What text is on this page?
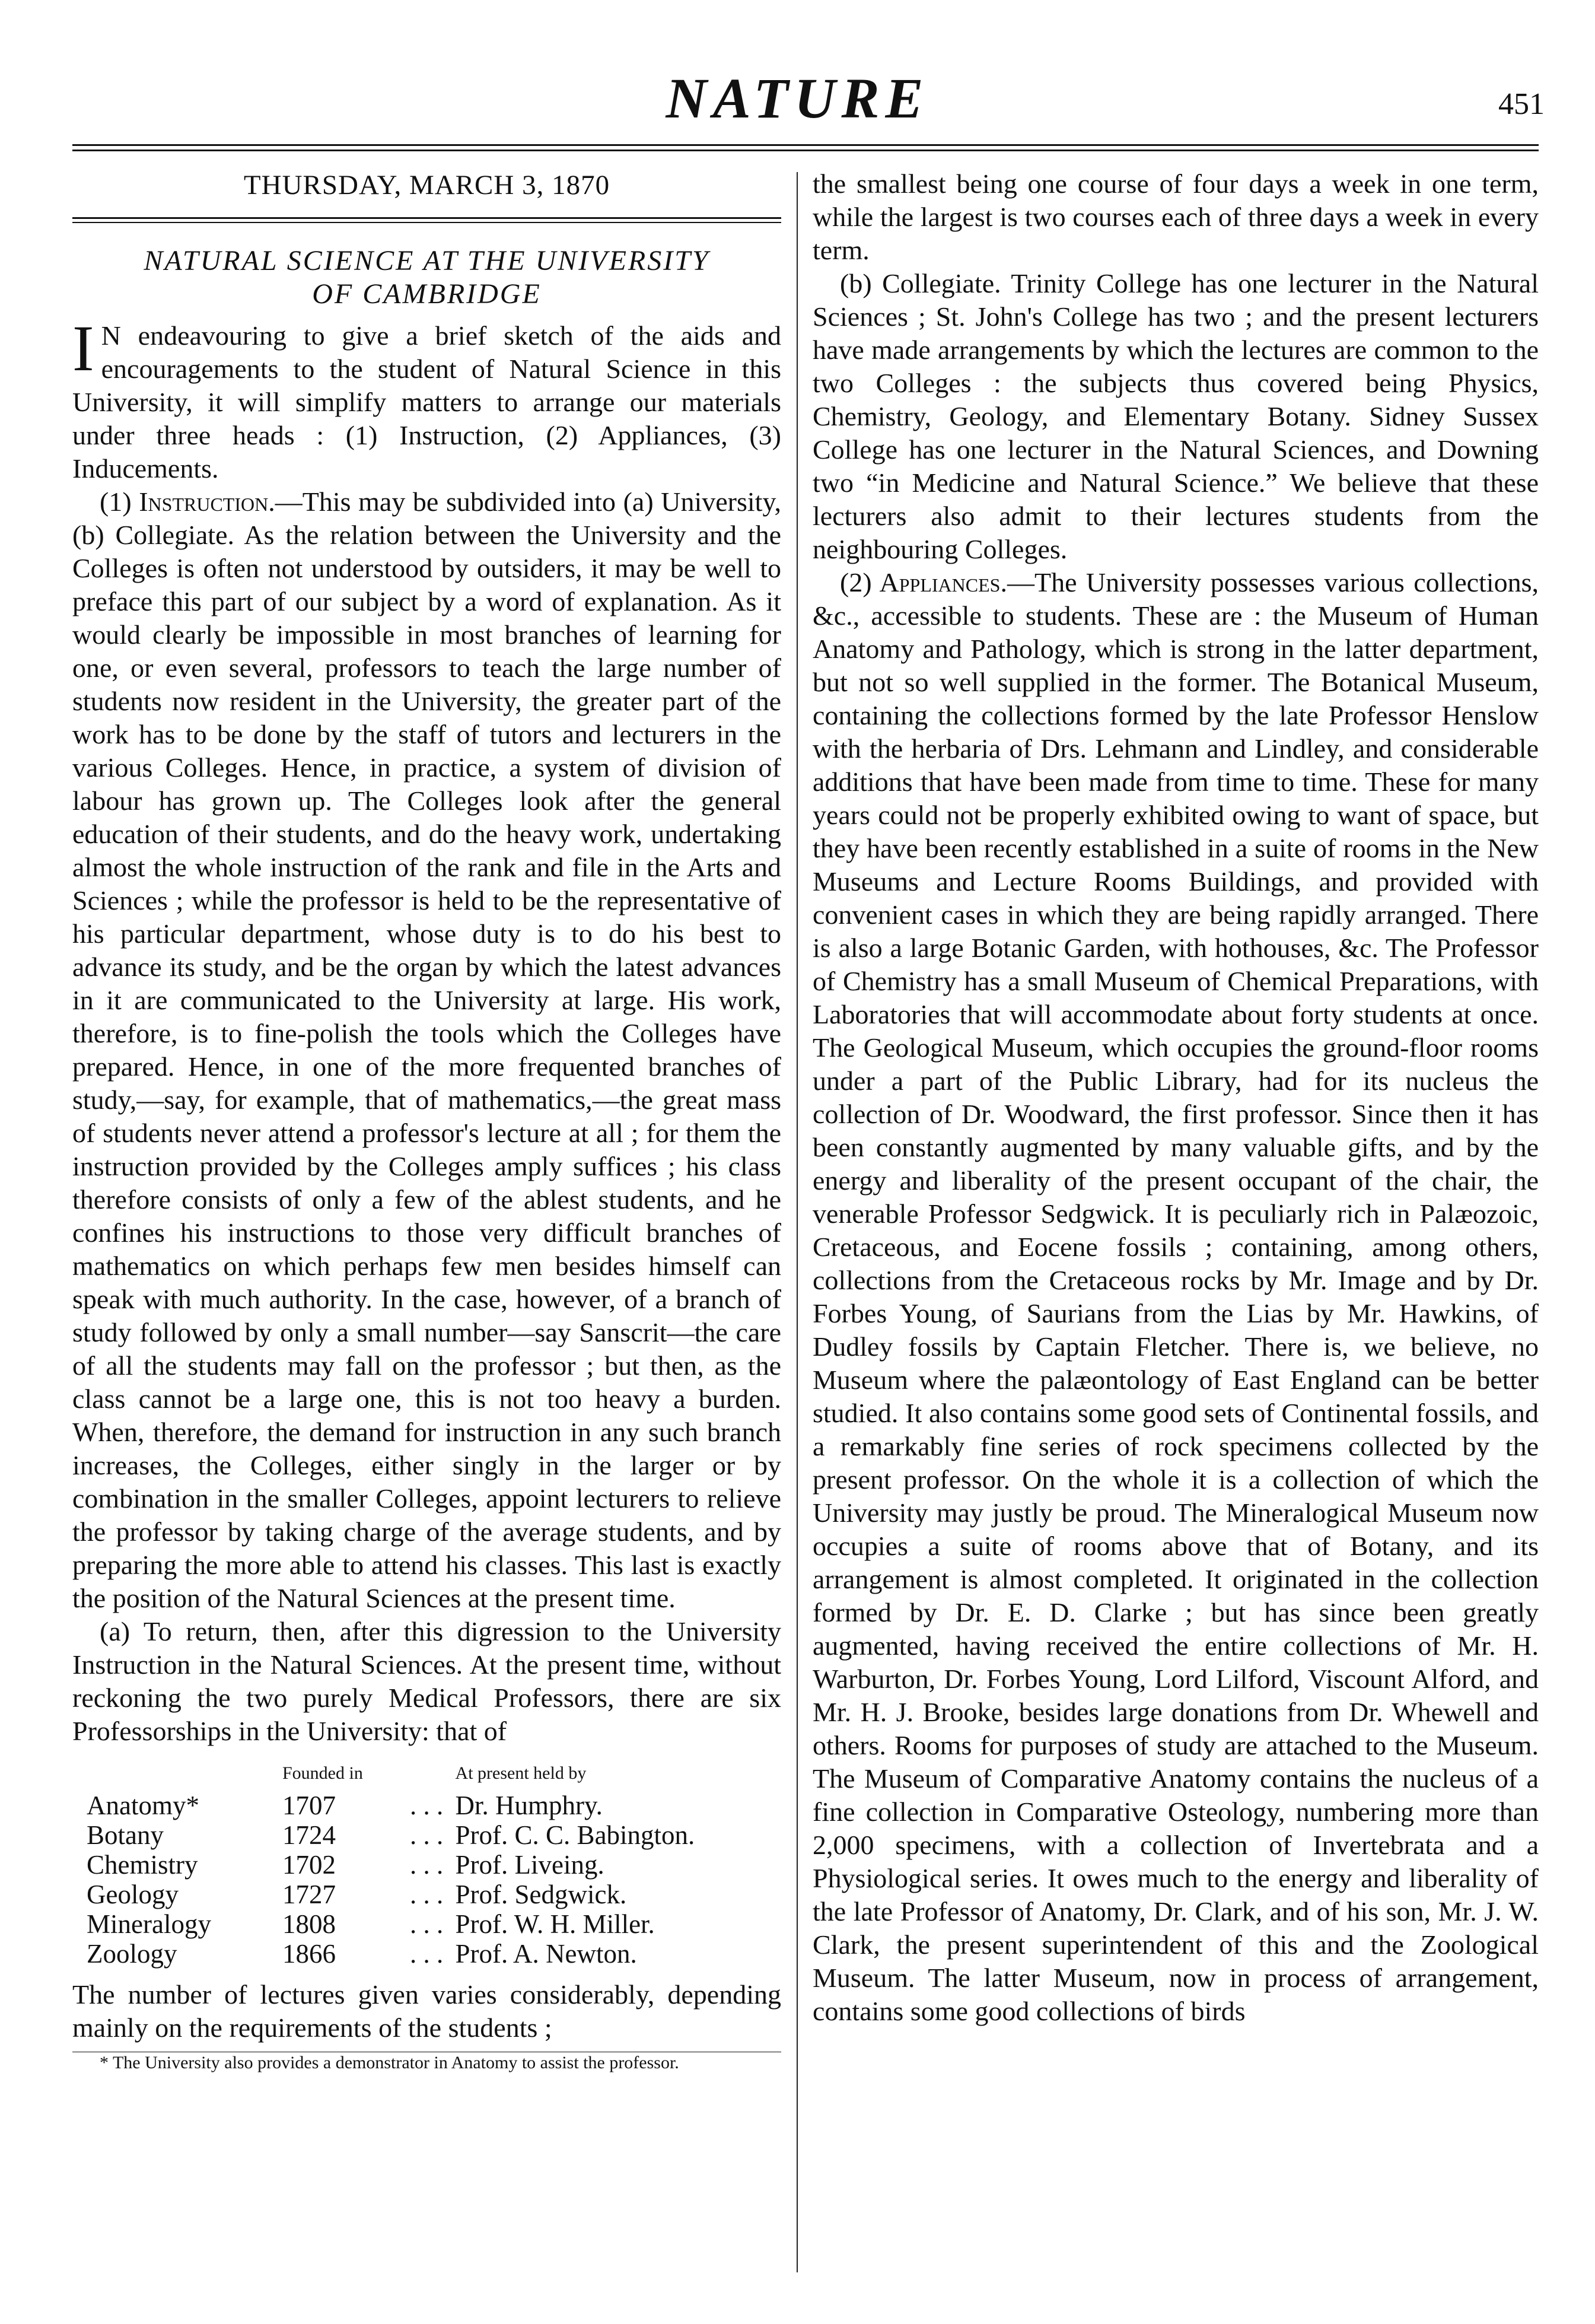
NATURE	451
THURSDAY, MARCH 3, 1870
NATURAL SCIENCE AT THE UNIVERSITY
OF CAMBRIDGE

I N endeavouring to give a brief sketch of the aids and encouragements to the student of Natural Science in this University, it will simplify matters to arrange our materials under three heads : (1) Instruction, (2) Appliances, (3) Inducements.

(1) Instruction.—This may be subdivided into (a) University, (b) Collegiate. As the relation between the University and the Colleges is often not understood by outsiders, it may be well to preface this part of our subject by a word of explanation. As it would clearly be impossible in most branches of learning for one, or even several, professors to teach the large number of students now resident in the University, the greater part of the work has to be done by the staff of tutors and lecturers in the various Colleges. Hence, in practice, a system of division of labour has grown up. The Colleges look after the general education of their students, and do the heavy work, undertaking almost the whole instruction of the rank and file in the Arts and Sciences ; while the professor is held to be the representative of his particular department, whose duty is to do his best to advance its study, and be the organ by which the latest advances in it are communicated to the University at large. His work, therefore, is to fine-polish the tools which the Colleges have prepared. Hence, in one of the more frequented branches of study,—say, for example, that of mathematics,—the great mass of students never attend a professor's lecture at all ; for them the instruction provided by the Colleges amply suffices ; his class therefore consists of only a few of the ablest students, and he confines his instructions to those very difficult branches of mathematics on which perhaps few men besides himself can speak with much authority. In the case, however, of a branch of study followed by only a small number—say Sanscrit—the care of all the students may fall on the professor ; but then, as the class cannot be a large one, this is not too heavy a burden. When, therefore, the demand for instruction in any such branch increases, the Colleges, either singly in the larger or by combination in the smaller Colleges, appoint lecturers to relieve the professor by taking charge of the average students, and by preparing the more able to attend his classes. This last is exactly the position of the Natural Sciences at the present time.

(a) To return, then, after this digression to the University Instruction in the Natural Sciences. At the present time, without reckoning the two purely Medical Professors, there are six Professorships in the University: that of

	Founded in		At present held by
Anatomy*	1707	. . .	Dr. Humphry.
Botany	1724	. . .	Prof. C. C. Babington.
Chemistry	1702	. . .	Prof. Liveing.
Geology	1727	. . .	Prof. Sedgwick.
Mineralogy	1808	. . .	Prof. W. H. Miller.
Zoology	1866	. . .	Prof. A. Newton.

The number of lectures given varies considerably, depending mainly on the requirements of the students ;

* The University also provides a demonstrator in Anatomy to assist the professor.

the smallest being one course of four days a week in one term, while the largest is two courses each of three days a week in every term.

(b) Collegiate. Trinity College has one lecturer in the Natural Sciences ; St. John's College has two ; and the present lecturers have made arrangements by which the lectures are common to the two Colleges : the subjects thus covered being Physics, Chemistry, Geology, and Elementary Botany. Sidney Sussex College has one lecturer in the Natural Sciences, and Downing two “in Medicine and Natural Science.” We believe that these lecturers also admit to their lectures students from the neighbouring Colleges.

(2) Appliances.—The University possesses various collections, &c., accessible to students. These are : the Museum of Human Anatomy and Pathology, which is strong in the latter department, but not so well supplied in the former. The Botanical Museum, containing the collections formed by the late Professor Henslow with the herbaria of Drs. Lehmann and Lindley, and considerable additions that have been made from time to time. These for many years could not be properly exhibited owing to want of space, but they have been recently established in a suite of rooms in the New Museums and Lecture Rooms Buildings, and provided with convenient cases in which they are being rapidly arranged. There is also a large Botanic Garden, with hothouses, &c. The Professor of Chemistry has a small Museum of Chemical Preparations, with Laboratories that will accommodate about forty students at once. The Geological Museum, which occupies the ground-floor rooms under a part of the Public Library, had for its nucleus the collection of Dr. Woodward, the first professor. Since then it has been constantly augmented by many valuable gifts, and by the energy and liberality of the present occupant of the chair, the venerable Professor Sedgwick. It is peculiarly rich in Palæozoic, Cretaceous, and Eocene fossils ; containing, among others, collections from the Cretaceous rocks by Mr. Image and by Dr. Forbes Young, of Saurians from the Lias by Mr. Hawkins, of Dudley fossils by Captain Fletcher. There is, we believe, no Museum where the palæontology of East England can be better studied. It also contains some good sets of Continental fossils, and a remarkably fine series of rock specimens collected by the present professor. On the whole it is a collection of which the University may justly be proud. The Mineralogical Museum now occupies a suite of rooms above that of Botany, and its arrangement is almost completed. It originated in the collection formed by Dr. E. D. Clarke ; but has since been greatly augmented, having received the entire collections of Mr. H. Warburton, Dr. Forbes Young, Lord Lilford, Viscount Alford, and Mr. H. J. Brooke, besides large donations from Dr. Whewell and others. Rooms for purposes of study are attached to the Museum. The Museum of Comparative Anatomy contains the nucleus of a fine collection in Comparative Osteology, numbering more than 2,000 specimens, with a collection of Invertebrata and a Physiological series. It owes much to the energy and liberality of the late Professor of Anatomy, Dr. Clark, and of his son, Mr. J. W. Clark, the present superintendent of this and the Zoological Museum. The latter Museum, now in process of arrangement, contains some good collections of birds
